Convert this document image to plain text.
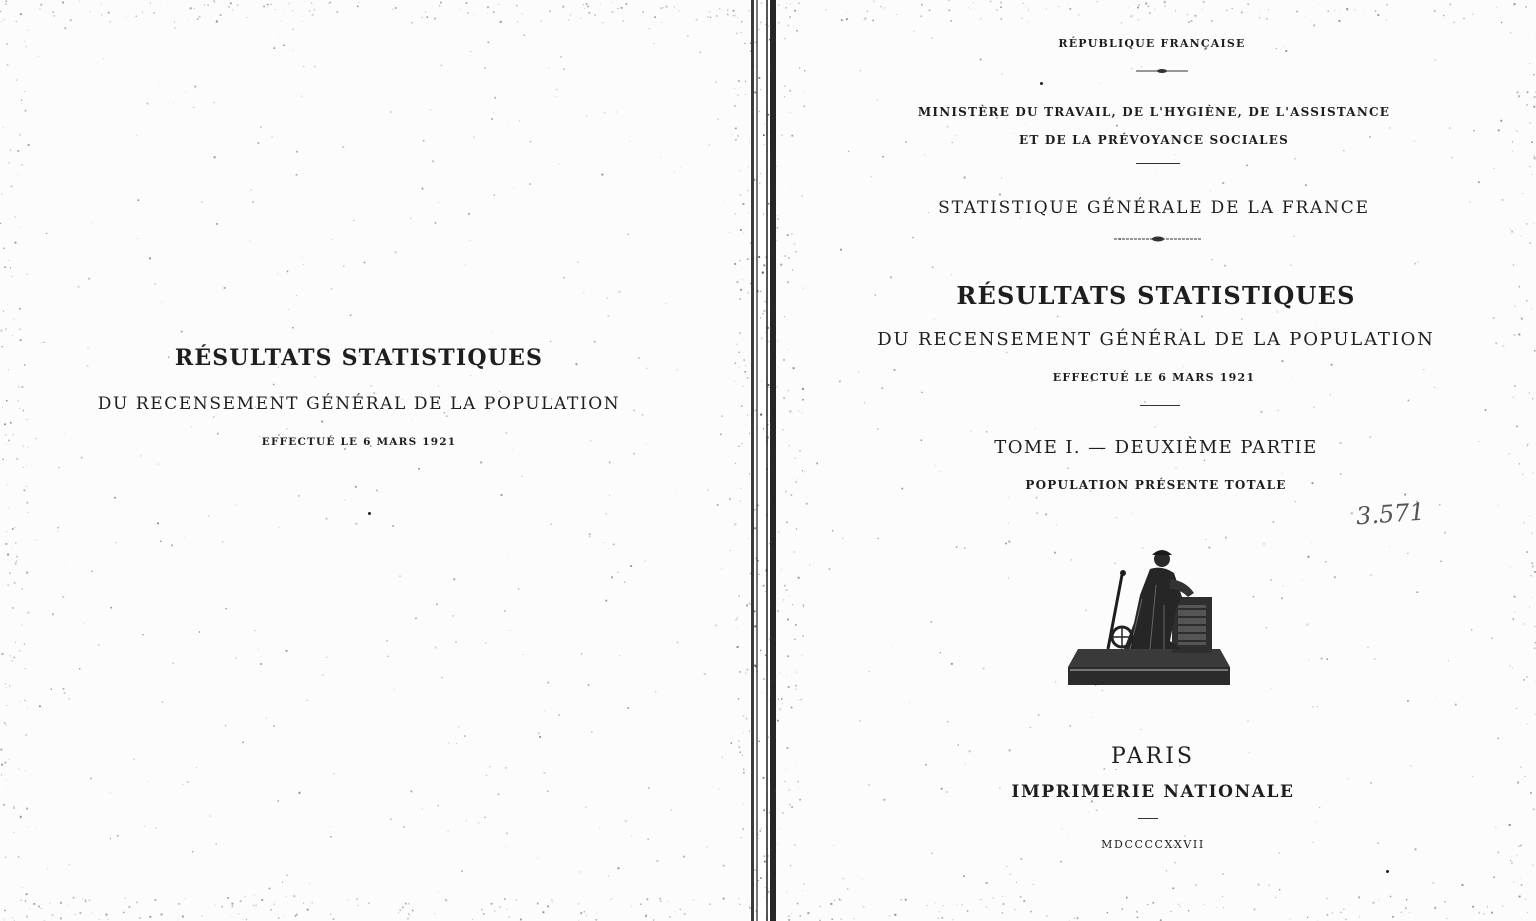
RÉSULTATS STATISTIQUES
DU RECENSEMENT GÉNÉRAL DE LA POPULATION
EFFECTUÉ LE 6 MARS 1921
RÉPUBLIQUE FRANÇAISE
MINISTÈRE DU TRAVAIL, DE L'HYGIÈNE, DE L'ASSISTANCE
ET DE LA PRÉVOYANCE SOCIALES
STATISTIQUE GÉNÉRALE DE LA FRANCE
RÉSULTATS STATISTIQUES
DU RECENSEMENT GÉNÉRAL DE LA POPULATION
EFFECTUÉ LE 6 MARS 1921
TOME I. — DEUXIÈME PARTIE
POPULATION PRÉSENTE TOTALE
3.571
PARIS
IMPRIMERIE NATIONALE
MDCCCCXXVII
